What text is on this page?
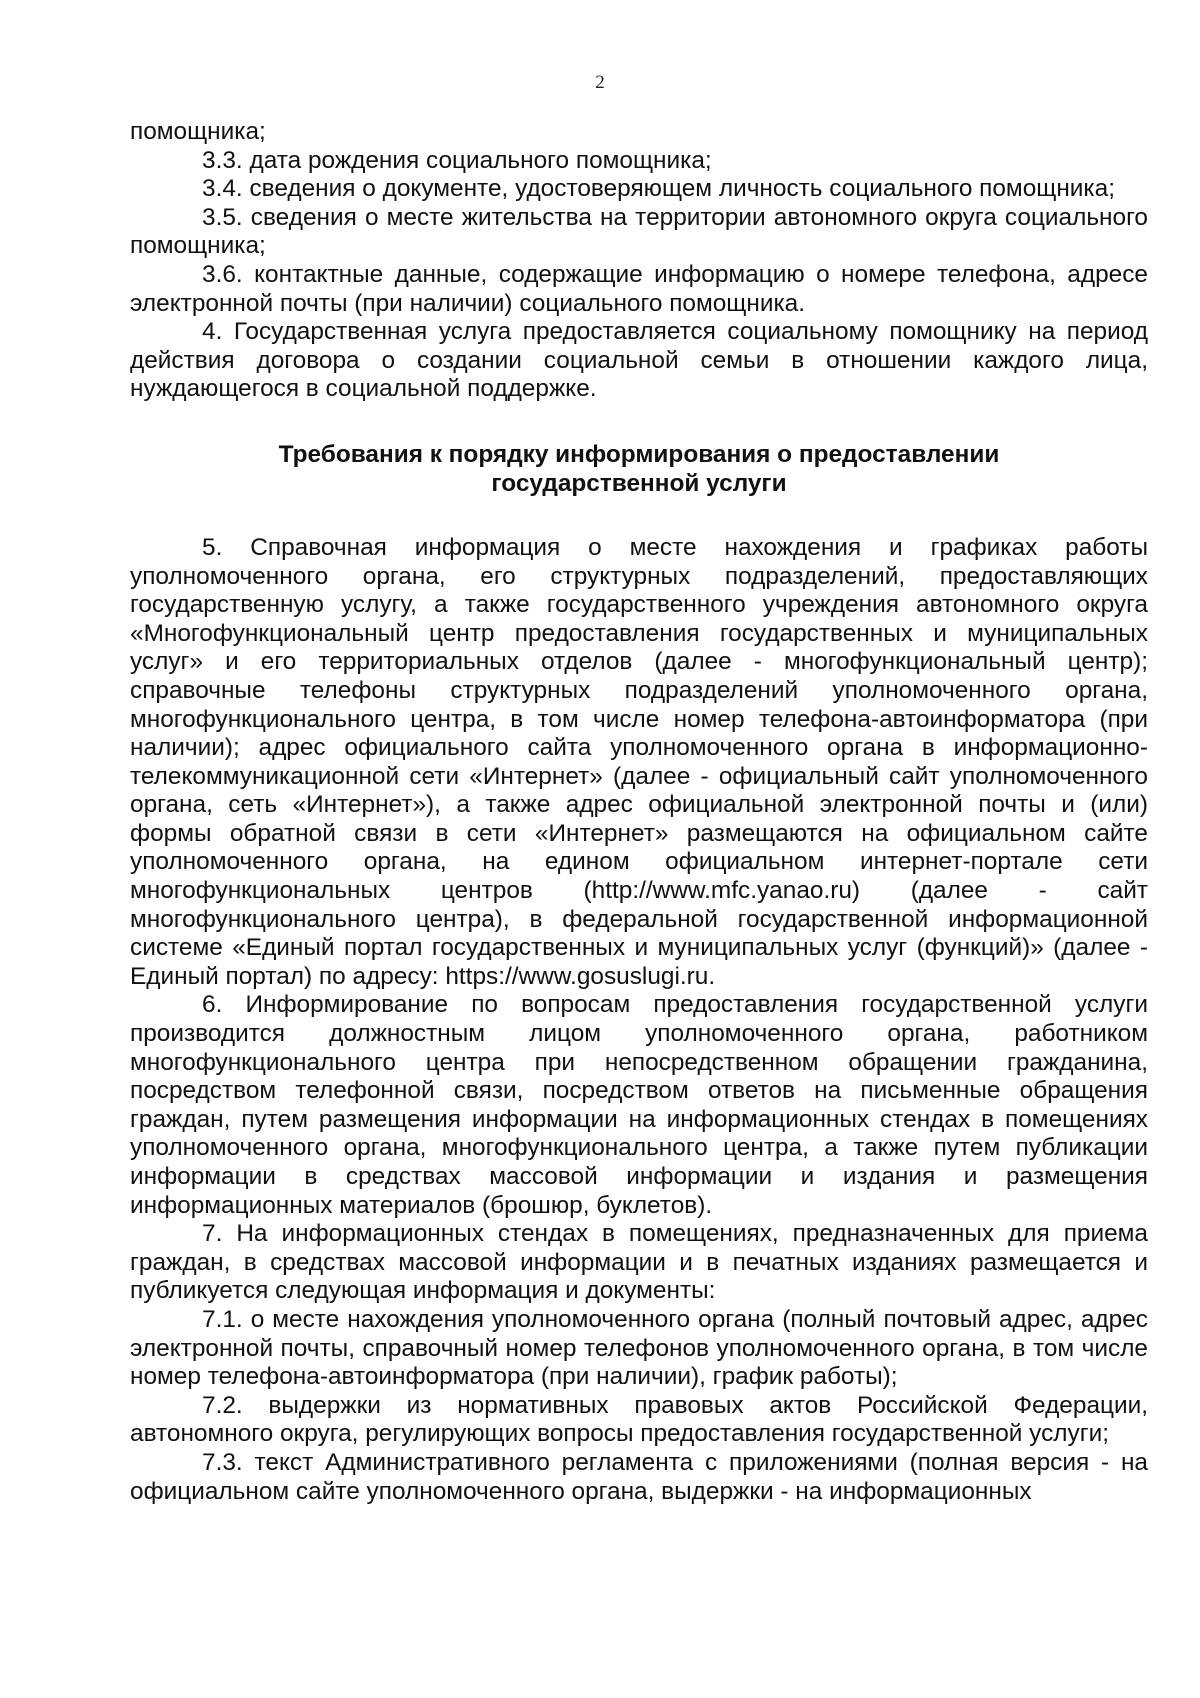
2

помощника;

3.3. дата рождения социального помощника;

3.4. сведения о документе, удостоверяющем личность социального помощника;

3.5. сведения о месте жительства на территории автономного округа социального помощника;

3.6. контактные данные, содержащие информацию о номере телефона, адресе электронной почты (при наличии) социального помощника.

4. Государственная услуга предоставляется социальному помощнику на период действия договора о создании социальной семьи в отношении каждого лица, нуждающегося в социальной поддержке.

Требования к порядку информирования о предоставлении государственной услуги

5. Справочная информация о месте нахождения и графиках работы уполномоченного органа, его структурных подразделений, предоставляющих государственную услугу, а также государственного учреждения автономного округа «Многофункциональный центр предоставления государственных и муниципальных услуг» и его территориальных отделов (далее - многофункциональный центр); справочные телефоны структурных подразделений уполномоченного органа, многофункционального центра, в том числе номер телефона-автоинформатора (при наличии); адрес официального сайта уполномоченного органа в информационно-телекоммуникационной сети «Интернет» (далее - официальный сайт уполномоченного органа, сеть «Интернет»), а также адрес официальной электронной почты и (или) формы обратной связи в сети «Интернет» размещаются на официальном сайте уполномоченного органа, на едином официальном интернет-портале сети многофункциональных центров (http://www.mfc.yanao.ru) (далее - сайт многофункционального центра), в федеральной государственной информационной системе «Единый портал государственных и муниципальных услуг (функций)» (далее - Единый портал) по адресу: https://www.gosuslugi.ru.

6. Информирование по вопросам предоставления государственной услуги производится должностным лицом уполномоченного органа, работником многофункционального центра при непосредственном обращении гражданина, посредством телефонной связи, посредством ответов на письменные обращения граждан, путем размещения информации на информационных стендах в помещениях уполномоченного органа, многофункционального центра, а также путем публикации информации в средствах массовой информации и издания и размещения информационных материалов (брошюр, буклетов).

7. На информационных стендах в помещениях, предназначенных для приема граждан, в средствах массовой информации и в печатных изданиях размещается и публикуется следующая информация и документы:

7.1. о месте нахождения уполномоченного органа (полный почтовый адрес, адрес электронной почты, справочный номер телефонов уполномоченного органа, в том числе номер телефона-автоинформатора (при наличии), график работы);

7.2. выдержки из нормативных правовых актов Российской Федерации, автономного округа, регулирующих вопросы предоставления государственной услуги;

7.3. текст Административного регламента с приложениями (полная версия - на официальном сайте уполномоченного органа, выдержки - на информационных
